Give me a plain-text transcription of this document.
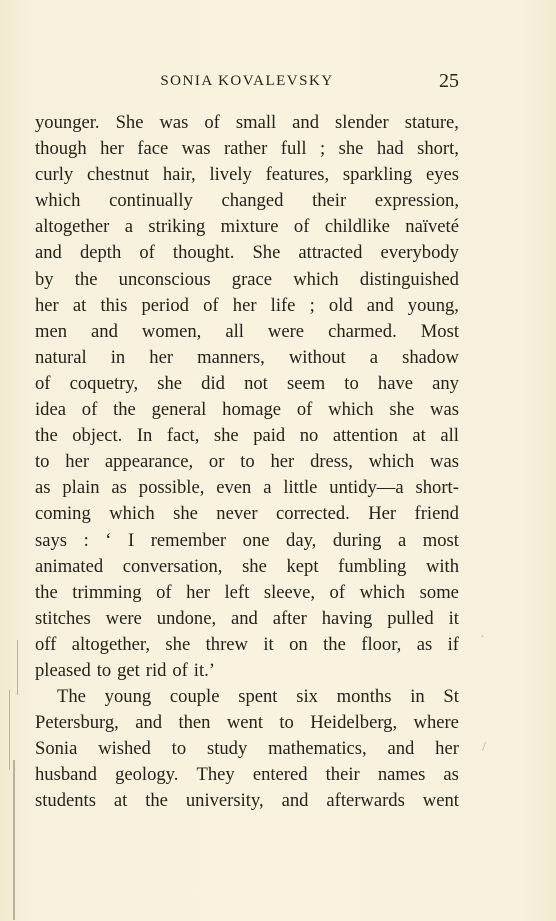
SONIA KOVALEVSKY	25
younger. She was of small and slender stature,
though her face was rather full ; she had short,
curly chestnut hair, lively features, sparkling eyes
which continually changed their expression,
altogether a striking mixture of childlike naïveté
and depth of thought. She attracted everybody
by the unconscious grace which distinguished
her at this period of her life ; old and young,
men and women, all were charmed. Most
natural in her manners, without a shadow
of coquetry, she did not seem to have any
idea of the general homage of which she was
the object. In fact, she paid no attention at all
to her appearance, or to her dress, which was
as plain as possible, even a little untidy—a short-
coming which she never corrected. Her friend
says : ‘ I remember one day, during a most
animated conversation, she kept fumbling with
the trimming of her left sleeve, of which some
stitches were undone, and after having pulled it
off altogether, she threw it on the floor, as if
pleased to get rid of it.’
The young couple spent six months in St
Petersburg, and then went to Heidelberg, where
Sonia wished to study mathematics, and her
husband geology. They entered their names as
students at the university, and afterwards went
/
·
